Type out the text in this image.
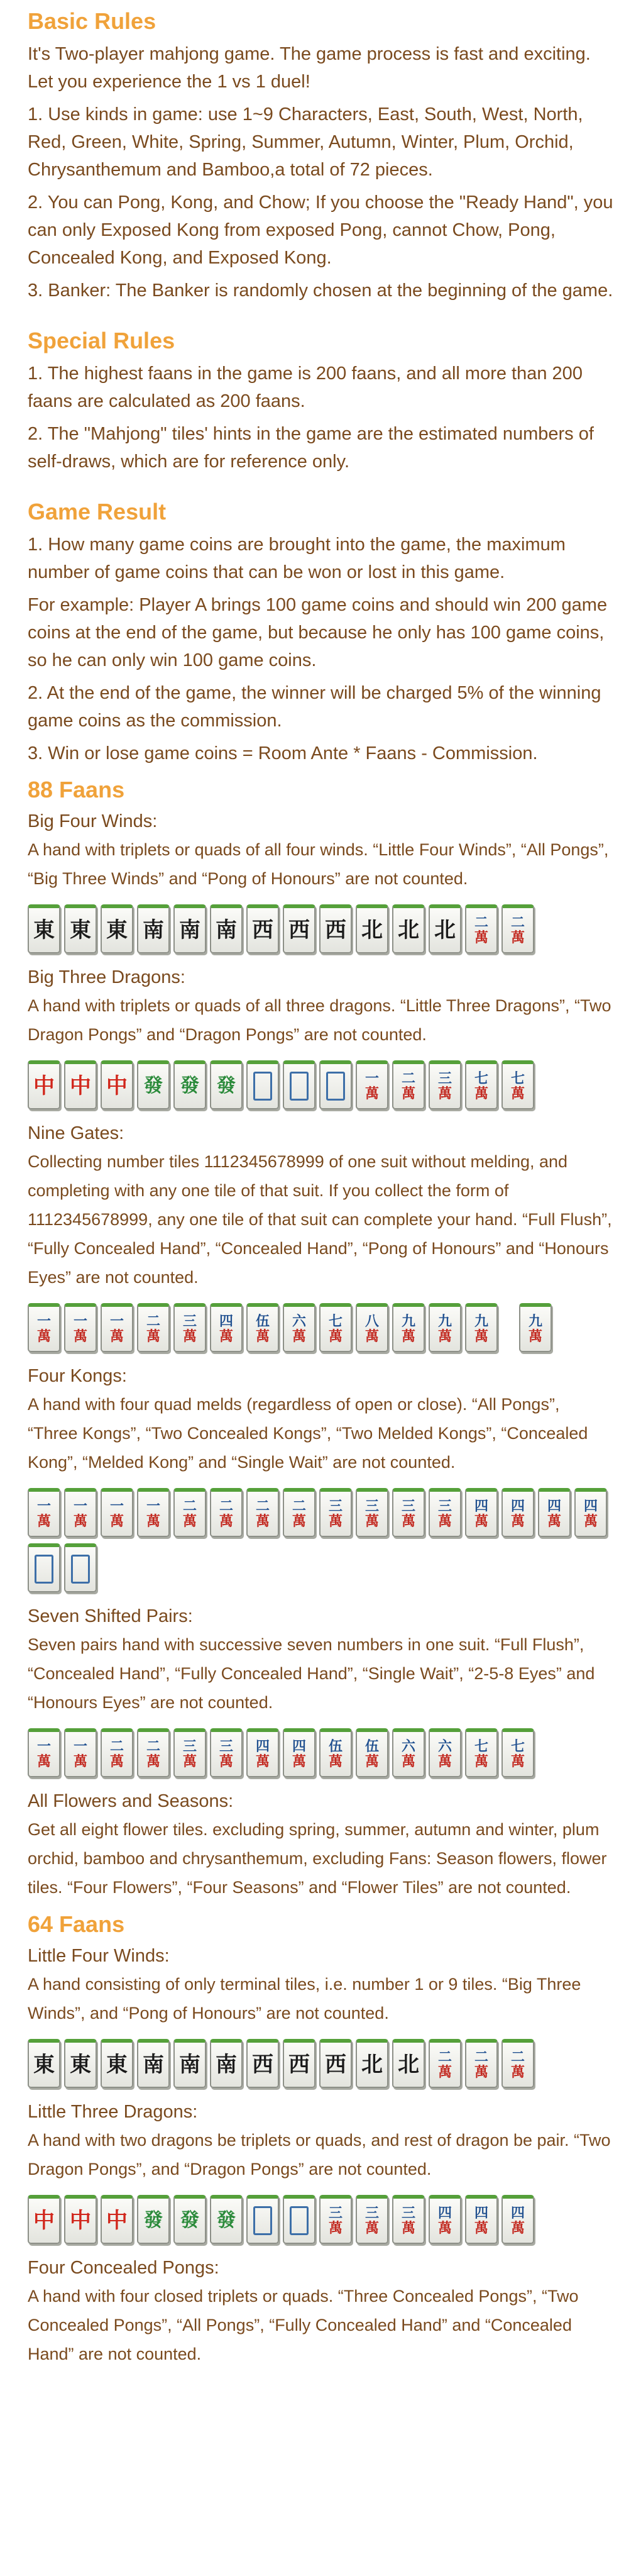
Basic Rules

It's Two-player mahjong game. The game process is fast and exciting. Let you experience the 1 vs 1 duel!

1. Use kinds in game: use 1~9 Characters, East, South, West, North, Red, Green, White, Spring, Summer, Autumn, Winter, Plum, Orchid, Chrysanthemum and Bamboo,a total of 72 pieces.

2. You can Pong, Kong, and Chow; If you choose the "Ready Hand", you can only Exposed Kong from exposed Pong, cannot Chow, Pong, Concealed Kong, and Exposed Kong.

3. Banker: The Banker is randomly chosen at the beginning of the game.

Special Rules

1. The highest faans in the game is 200 faans, and all more than 200 faans are calculated as 200 faans.

2. The "Mahjong" tiles' hints in the game are the estimated numbers of self-draws, which are for reference only.

Game Result

1. How many game coins are brought into the game, the maximum number of game coins that can be won or lost in this game.

For example: Player A brings 100 game coins and should win 200 game coins at the end of the game, but because he only has 100 game coins, so he can only win 100 game coins.

2. At the end of the game, the winner will be charged 5% of the winning game coins as the commission.

3. Win or lose game coins = Room Ante * Faans - Commission.

88 Faans
Big Four Winds:
A hand with triplets or quads of all four winds. “Little Four Winds”, “All Pongs”, “Big Three Winds” and “Pong of Honours” are not counted.
東 東 東 南 南 南 西 西 西 北 北 北 二
萬
二
萬
Big Three Dragons:
A hand with triplets or quads of all three dragons. “Little Three Dragons”, “Two Dragon Pongs” and “Dragon Pongs” are not counted.
中 中 中 發 發 發	一
萬
二
萬
三
萬
七
萬
七
萬
Nine Gates:
Collecting number tiles 1112345678999 of one suit without melding, and completing with any one tile of that suit. If you collect the form of 1112345678999, any one tile of that suit can complete your hand. “Full Flush”, “Fully Concealed Hand”, “Concealed Hand”, “Pong of Honours” and “Honours Eyes” are not counted.
一
萬
一
萬
一
萬
二
萬
三
萬
四
萬
伍
萬
六
萬
七
萬
八
萬
九
萬
九
萬
九
萬
九
萬
Four Kongs:
A hand with four quad melds (regardless of open or close). “All Pongs”, “Three Kongs”, “Two Concealed Kongs”, “Two Melded Kongs”, “Concealed Kong”, “Melded Kong” and “Single Wait” are not counted.
一
萬
一
萬
一
萬
一
萬
二
萬
二
萬
二
萬
二
萬
三
萬
三
萬
三
萬
三
萬
四
萬
四
萬
四
萬
四
萬
Seven Shifted Pairs:
Seven pairs hand with successive seven numbers in one suit. “Full Flush”, “Concealed Hand”, “Fully Concealed Hand”, “Single Wait”, “2-5-8 Eyes” and “Honours Eyes” are not counted.
一
萬
一
萬
二
萬
二
萬
三
萬
三
萬
四
萬
四
萬
伍
萬
伍
萬
六
萬
六
萬
七
萬
七
萬
All Flowers and Seasons:
Get all eight flower tiles. excluding spring, summer, autumn and winter, plum orchid, bamboo and chrysanthemum, excluding Fans: Season flowers, flower tiles. “Four Flowers”, “Four Seasons” and “Flower Tiles” are not counted.
64 Faans
Little Four Winds:
A hand consisting of only terminal tiles, i.e. number 1 or 9 tiles. “Big Three Winds”, and “Pong of Honours” are not counted.
東 東 東 南 南 南 西 西 西 北 北 二
萬
二
萬
二
萬
Little Three Dragons:
A hand with two dragons be triplets or quads, and rest of dragon be pair. “Two Dragon Pongs”, and “Dragon Pongs” are not counted.
中 中 中 發 發 發	三
萬
三
萬
三
萬
四
萬
四
萬
四
萬
Four Concealed Pongs:
A hand with four closed triplets or quads. “Three Concealed Pongs”, “Two Concealed Pongs”, “All Pongs”, “Fully Concealed Hand” and “Concealed Hand” are not counted.
